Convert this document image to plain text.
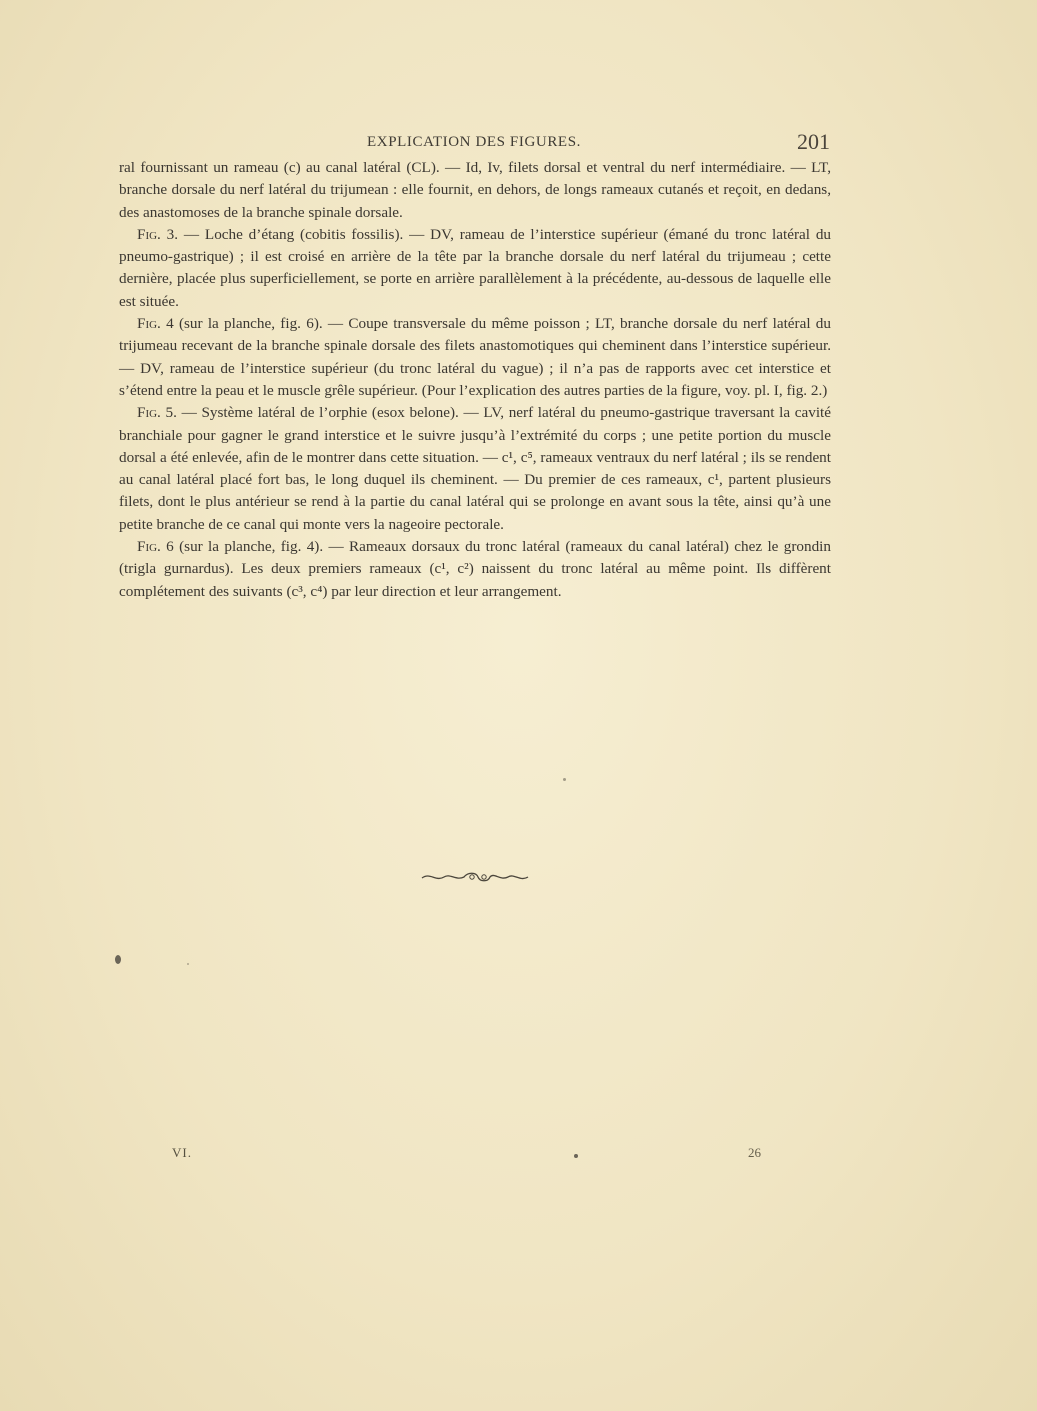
EXPLICATION DES FIGURES.	201

ral fournissant un rameau (c) au canal latéral (CL). — Id, Iv, filets dorsal et ventral du nerf intermédiaire. — LT, branche dorsale du nerf latéral du trijumean : elle fournit, en dehors, de longs rameaux cutanés et reçoit, en dedans, des anastomoses de la branche spinale dorsale.

Fig. 3. — Loche d’étang (cobitis fossilis). — DV, rameau de l’interstice supérieur (émané du tronc latéral du pneumo-gastrique) ; il est croisé en arrière de la tête par la branche dorsale du nerf latéral du trijumeau ; cette dernière, placée plus superficiellement, se porte en arrière parallèlement à la précédente, au-dessous de laquelle elle est située.

Fig. 4 (sur la planche, fig. 6). — Coupe transversale du même poisson ; LT, branche dorsale du nerf latéral du trijumeau recevant de la branche spinale dorsale des filets anastomotiques qui cheminent dans l’interstice supérieur. — DV, rameau de l’interstice supérieur (du tronc latéral du vague) ; il n’a pas de rapports avec cet interstice et s’étend entre la peau et le muscle grêle supérieur. (Pour l’explication des autres parties de la figure, voy. pl. I, fig. 2.)

Fig. 5. — Système latéral de l’orphie (esox belone). — LV, nerf latéral du pneumo-gastrique traversant la cavité branchiale pour gagner le grand interstice et le suivre jusqu’à l’extrémité du corps ; une petite portion du muscle dorsal a été enlevée, afin de le montrer dans cette situation. — c¹, c⁵, rameaux ventraux du nerf latéral ; ils se rendent au canal latéral placé fort bas, le long duquel ils cheminent. — Du premier de ces rameaux, c¹, partent plusieurs filets, dont le plus antérieur se rend à la partie du canal latéral qui se prolonge en avant sous la tête, ainsi qu’à une petite branche de ce canal qui monte vers la nageoire pectorale.

Fig. 6 (sur la planche, fig. 4). — Rameaux dorsaux du tronc latéral (rameaux du canal latéral) chez le grondin (trigla gurnardus). Les deux premiers rameaux (c¹, c²) naissent du tronc latéral au même point. Ils diffèrent complétement des suivants (c³, c⁴) par leur direction et leur arrangement.

VI.	26
